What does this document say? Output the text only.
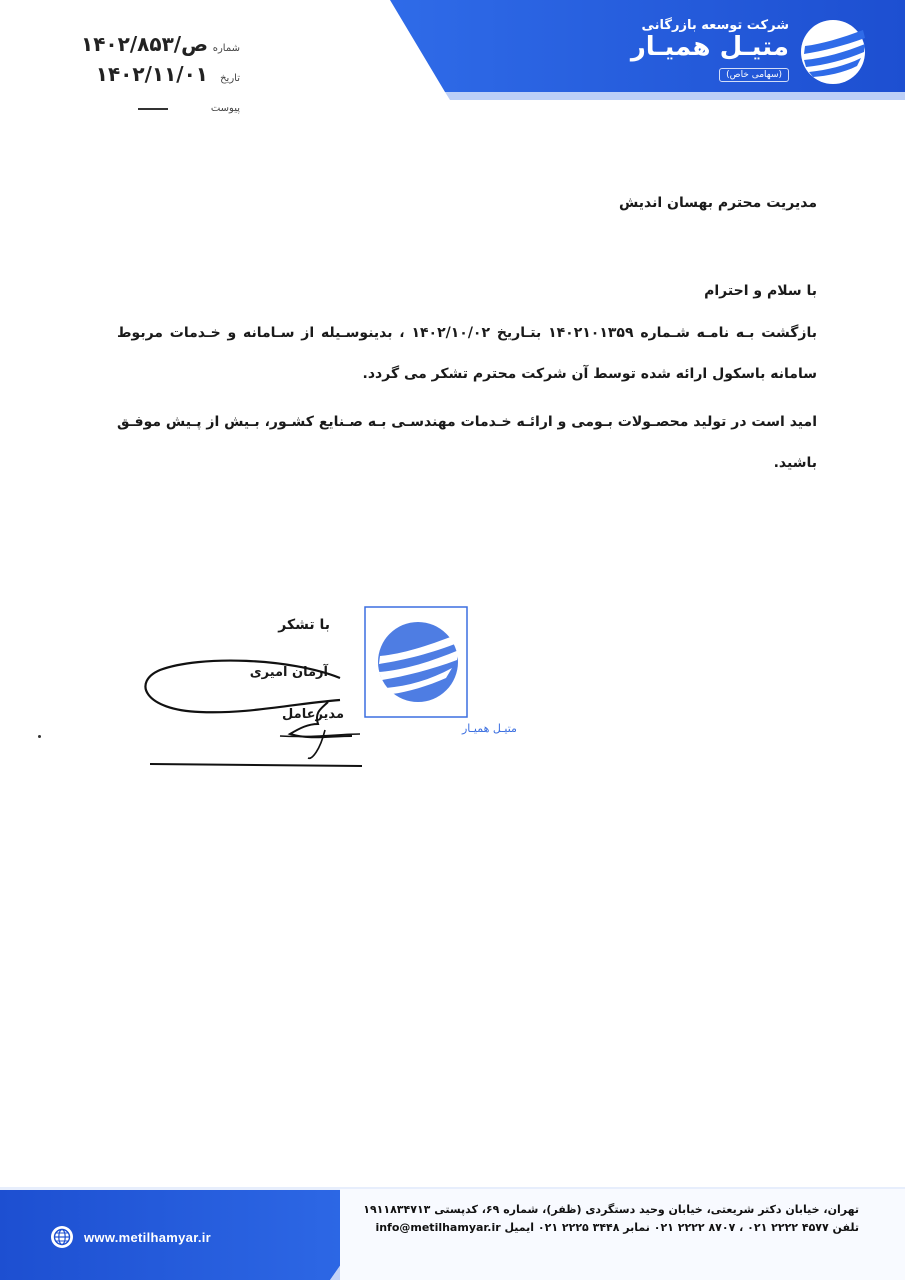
شرکت توسعه بازرگانی
متیـل همیـار
(سهامی خاص)
شماره
۱۴۰۲/ص/۸۵۳
تاریخ
۱۴۰۲/۱۱/۰۱
پیوست

مدیریت محترم بهسان اندیش

با سلام و احترام

بازگشت بـه نامـه شـماره ۱۴۰۲۱۰۱۳۵۹ بتـاریخ ۱۴۰۲/۱۰/۰۲ ، بدینوسـیله از سـامانه و خـدمات مربوط سامانه باسکول ارائه شده توسط آن شرکت محترم تشکر می گردد.

امید است در تولید محصـولات بـومی و ارائـه خـدمات مهندسـی بـه صـنایع کشـور، بـیش از پـیش موفـق باشید.

متیـل همیـار
با تشکر
آرمان امیری
مدیرعامل
www.metilhamyar.ir
تهران، خیابان دکتر شریعتی، خیابان وحید دستگردی (ظفر)، شماره ۶۹، کدپستی ۱۹۱۱۸۳۴۷۱۳
تلفن ۴۵۷۷ ۲۲۲۲ ۰۲۱ ، ۸۷۰۷ ۲۲۲۲ ۰۲۱ نمابر ۳۴۴۸ ۲۲۲۵ ۰۲۱ ایمیل info@metilhamyar.ir
